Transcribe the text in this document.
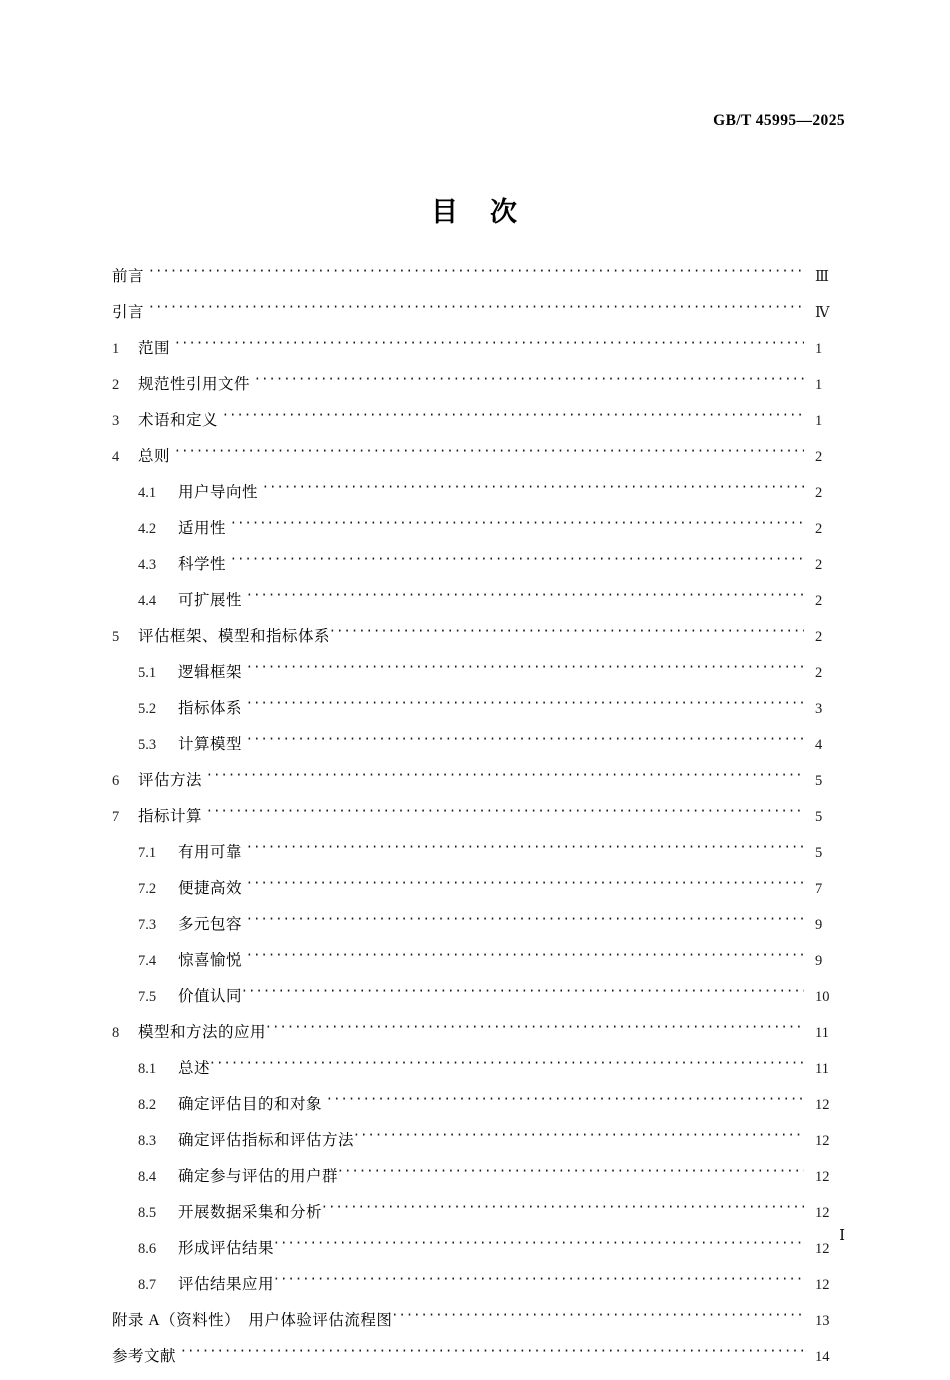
GB/T 45995—2025
目 次
前言 ·····	Ⅲ
引言 ·····	Ⅳ
1	范围 ·····	1
2	规范性引用文件 ·····	1
3	术语和定义 ·····	1
4	总则 ·····	2
4.1	用户导向性 ·····	2
4.2	适用性 ·····	2
4.3	科学性 ·····	2
4.4	可扩展性 ·····	2
5	评估框架、模型和指标体系 ·····	2
5.1	逻辑框架 ·····	2
5.2	指标体系 ·····	3
5.3	计算模型 ·····	4
6	评估方法 ·····	5
7	指标计算 ·····	5
7.1	有用可靠 ·····	5
7.2	便捷高效 ·····	7
7.3	多元包容 ·····	9
7.4	惊喜愉悦 ·····	9
7.5	价值认同 ·····	10
8	模型和方法的应用 ·····	11
8.1	总述 ·····	11
8.2	确定评估目的和对象 ·····	12
8.3	确定评估指标和评估方法 ·····	12
8.4	确定参与评估的用户群 ·····	12
8.5	开展数据采集和分析 ·····	12
8.6	形成评估结果 ·····	12
8.7	评估结果应用 ·····	12
附录 A（资料性）　用户体验评估流程图 ·····	13
参考文献 ·····	14
Ⅰ
